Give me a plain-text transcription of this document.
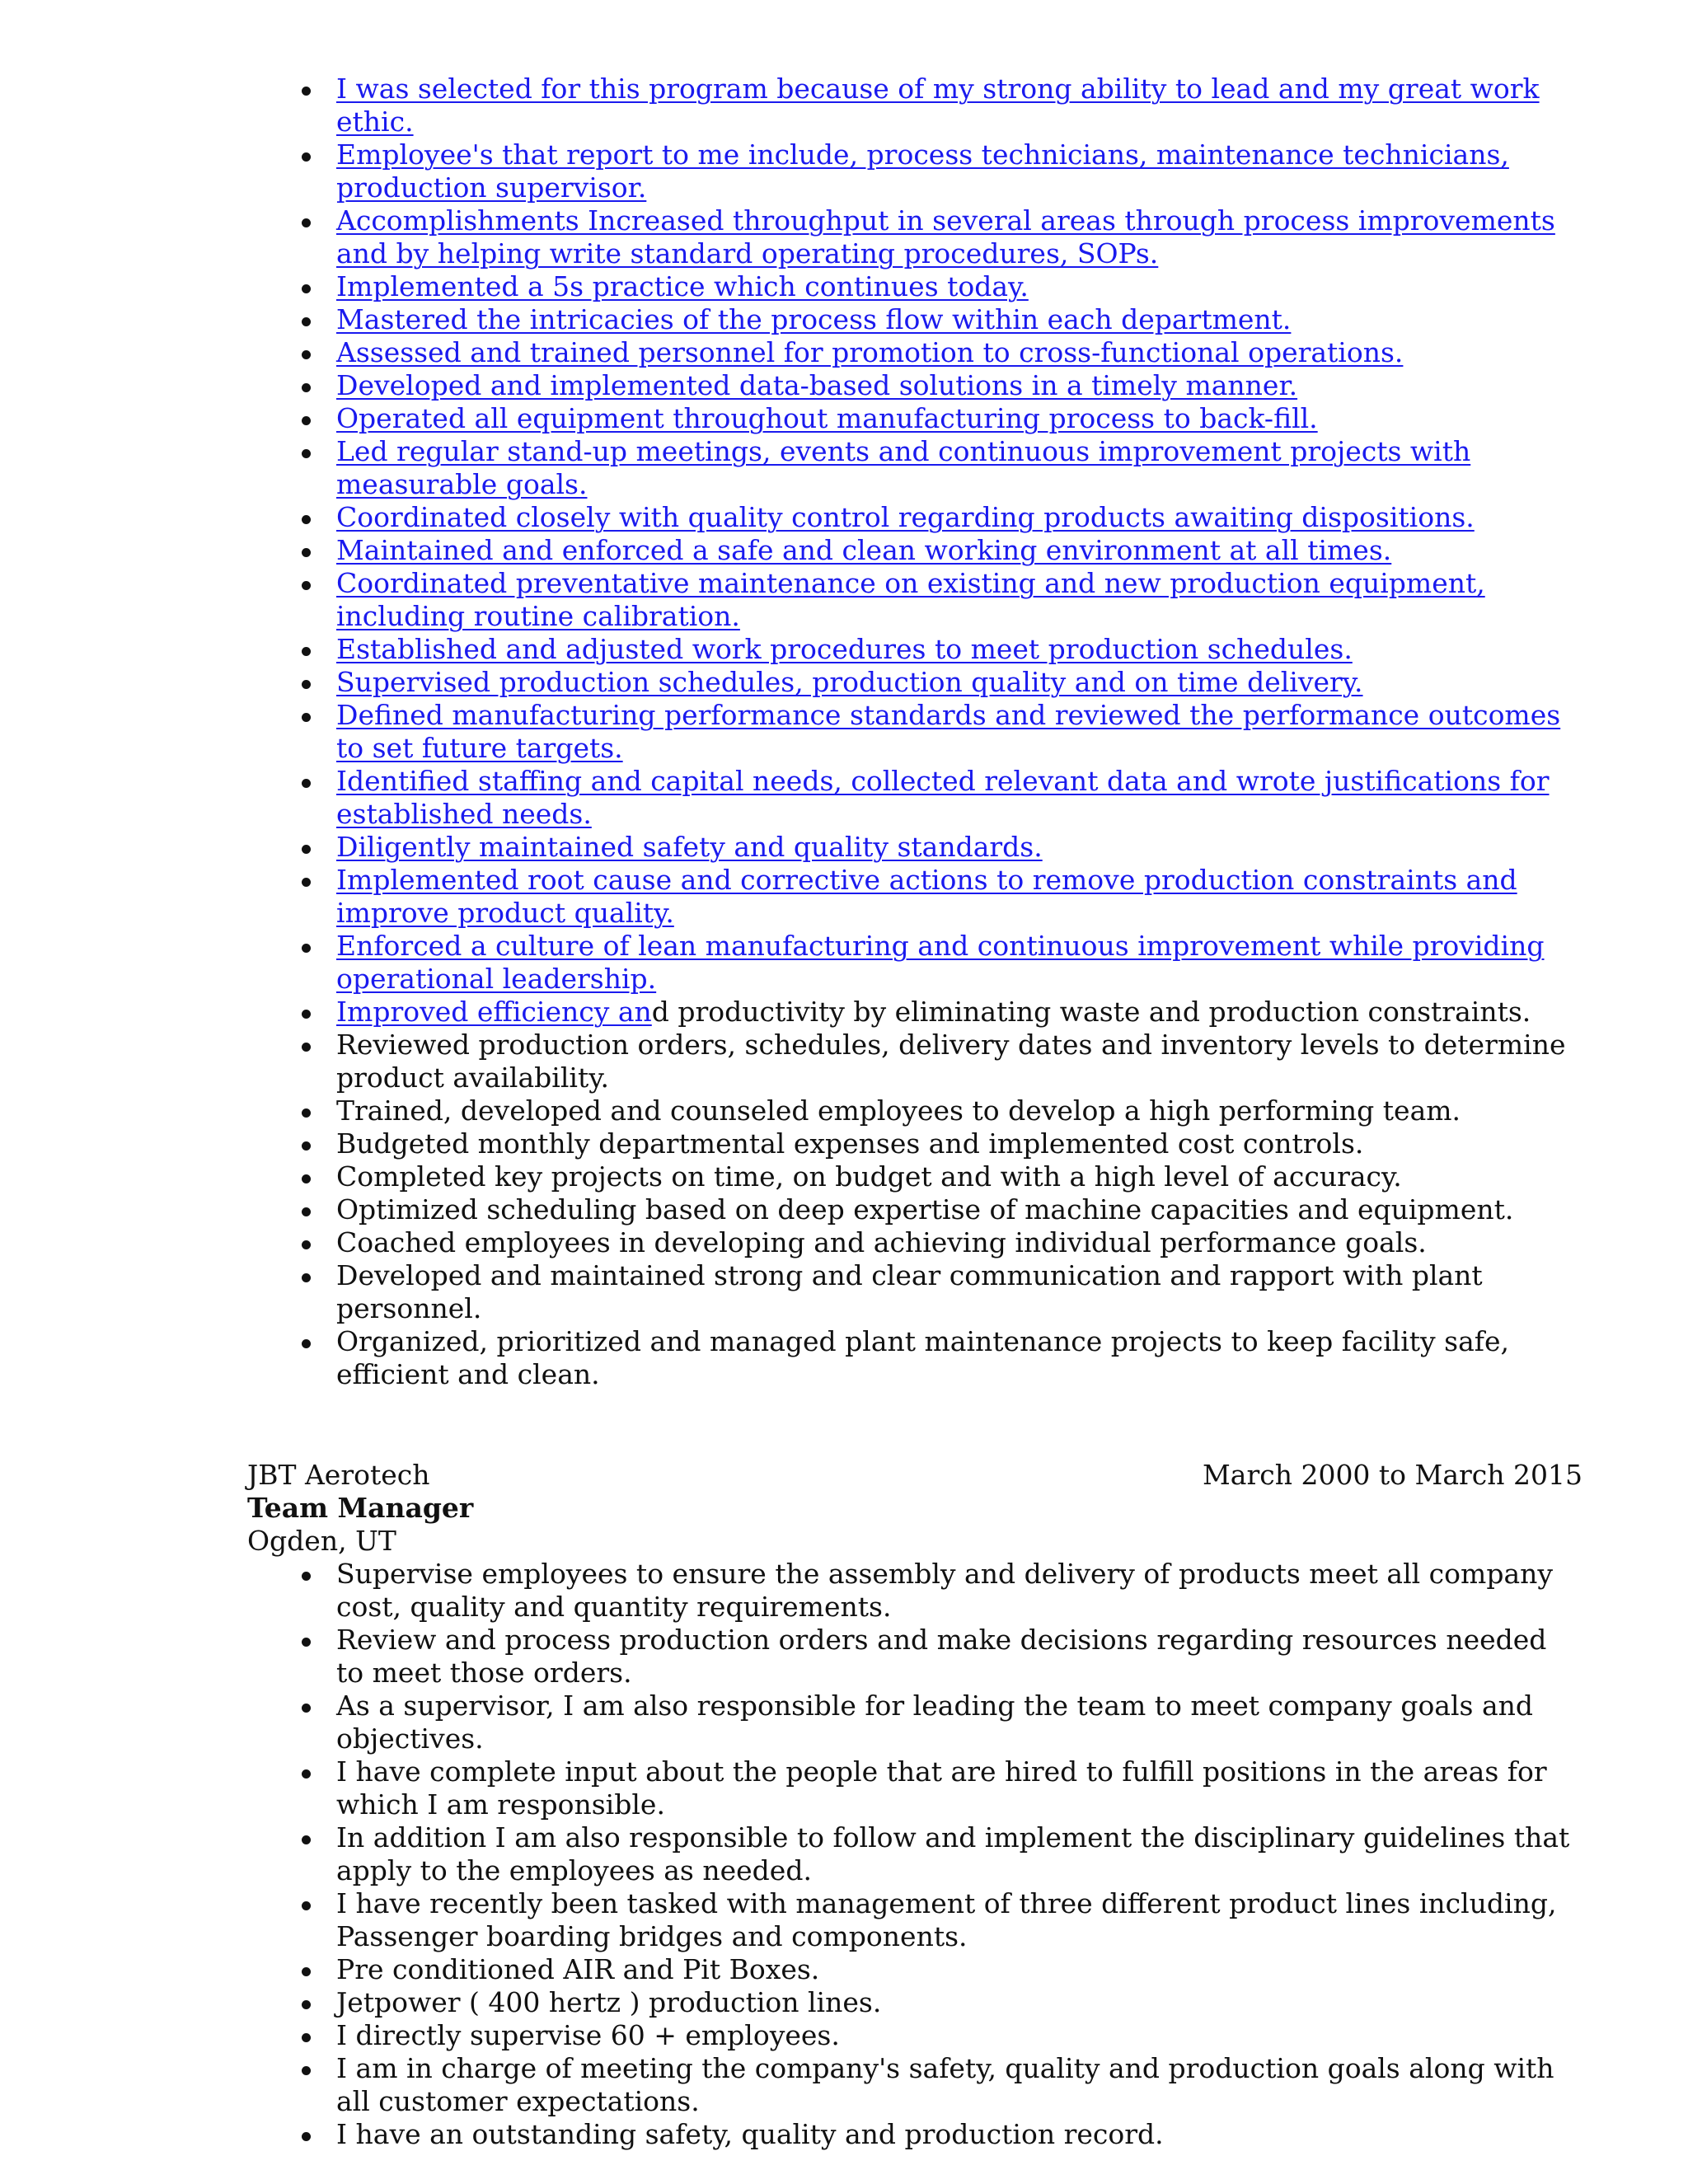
I was selected for this program because of my strong ability to lead and my great work ethic.
Employee's that report to me include, process technicians, maintenance technicians, production supervisor.
Accomplishments Increased throughput in several areas through process improvements and by helping write standard operating procedures, SOPs.
Implemented a 5s practice which continues today.
Mastered the intricacies of the process flow within each department.
Assessed and trained personnel for promotion to cross-functional operations.
Developed and implemented data-based solutions in a timely manner.
Operated all equipment throughout manufacturing process to back-fill.
Led regular stand-up meetings, events and continuous improvement projects with measurable goals.
Coordinated closely with quality control regarding products awaiting dispositions.
Maintained and enforced a safe and clean working environment at all times.
Coordinated preventative maintenance on existing and new production equipment, including routine calibration.
Established and adjusted work procedures to meet production schedules.
Supervised production schedules, production quality and on time delivery.
Defined manufacturing performance standards and reviewed the performance outcomes to set future targets.
Identified staffing and capital needs, collected relevant data and wrote justifications for established needs.
Diligently maintained safety and quality standards.
Implemented root cause and corrective actions to remove production constraints and improve product quality.
Enforced a culture of lean manufacturing and continuous improvement while providing operational leadership.
Improved efficiency and productivity by eliminating waste and production constraints.
Reviewed production orders, schedules, delivery dates and inventory levels to determine product availability.
Trained, developed and counseled employees to develop a high performing team.
Budgeted monthly departmental expenses and implemented cost controls.
Completed key projects on time, on budget and with a high level of accuracy.
Optimized scheduling based on deep expertise of machine capacities and equipment.
Coached employees in developing and achieving individual performance goals.
Developed and maintained strong and clear communication and rapport with plant personnel.
Organized, prioritized and managed plant maintenance projects to keep facility safe, efficient and clean.
JBT Aerotech	March 2000 to March 2015
Team Manager
Ogden, UT
Supervise employees to ensure the assembly and delivery of products meet all company cost, quality and quantity requirements.
Review and process production orders and make decisions regarding resources needed to meet those orders.
As a supervisor, I am also responsible for leading the team to meet company goals and objectives.
I have complete input about the people that are hired to fulfill positions in the areas for which I am responsible.
In addition I am also responsible to follow and implement the disciplinary guidelines that apply to the employees as needed.
I have recently been tasked with management of three different product lines including, Passenger boarding bridges and components.
Pre conditioned AIR and Pit Boxes.
Jetpower ( 400 hertz ) production lines.
I directly supervise 60 + employees.
I am in charge of meeting the company's safety, quality and production goals along with all customer expectations.
I have an outstanding safety, quality and production record.
